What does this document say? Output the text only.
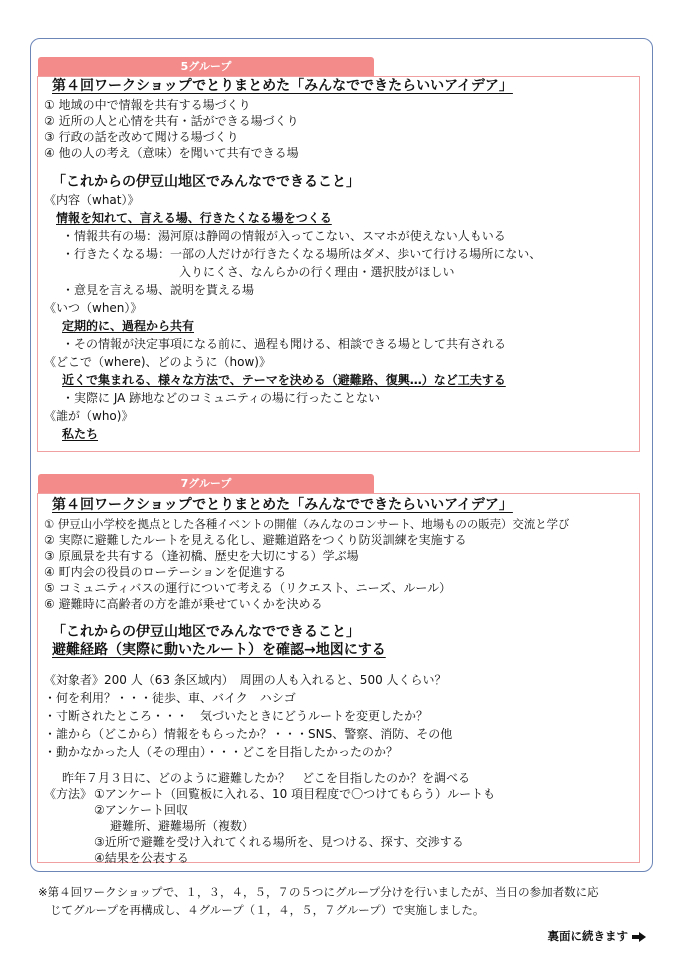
5グループ
第４回ワークショップでとりまとめた「みんなでできたらいいアイデア」
① 地域の中で情報を共有する場づくり
② 近所の人と心情を共有・話ができる場づくり
③ 行政の話を改めて聞ける場づくり
④ 他の人の考え（意味）を聞いて共有できる場
「これからの伊豆山地区でみんなでできること」
《内容（what）》
情報を知れて、言える場、行きたくなる場をつくる
・情報共有の場：湯河原は静岡の情報が入ってこない、スマホが使えない人もいる
・行きたくなる場：一部の人だけが行きたくなる場所はダメ、歩いて行ける場所にない、
入りにくさ、なんらかの行く理由・選択肢がほしい
・意見を言える場、説明を貰える場
《いつ（when）》
定期的に、過程から共有
・その情報が決定事項になる前に、過程も聞ける、相談できる場として共有される
《どこで（where)、どのように（how)》
近くで集まれる、様々な方法で、テーマを決める（避難路、復興…）など工夫する
・実際に JA 跡地などのコミュニティの場に行ったことない
《誰が（who)》
私たち
7グループ
第４回ワークショップでとりまとめた「みんなでできたらいいアイデア」
① 伊豆山小学校を拠点とした各種イベントの開催（みんなのコンサート、地場ものの販売）交流と学び
② 実際に避難したルートを見える化し、避難道路をつくり防災訓練を実施する
③ 原風景を共有する（逢初橋、歴史を大切にする）学ぶ場
④ 町内会の役員のローテーションを促進する
⑤ コミュニティバスの運行について考える（リクエスト、ニーズ、ルール）
⑥ 避難時に高齢者の方を誰が乗せていくかを決める
「これからの伊豆山地区でみんなでできること」
避難経路（実際に動いたルート）を確認→地図にする
《対象者》200 人（63 条区域内）　周囲の人も入れると、500 人くらい？
・何を利用？・・・徒歩、車、バイク　ハシゴ
・寸断されたところ・・・　気づいたときにどうルートを変更したか？
・誰から（どこから）情報をもらったか？・・・SNS、警察、消防、その他
・動かなかった人（その理由）・・・どこを目指したかったのか？
昨年７月３日に、どのように避難したか？　どこを目指したのか？を調べる
《方法》 ①アンケート（回覧板に入れる、10 項目程度で〇つけてもらう）ルートも
②アンケート回収
避難所、避難場所（複数）
③近所で避難を受け入れてくれる場所を、見つける、探す、交渉する
④結果を公表する
※第４回ワークショップで、１，３，４，５，７の５つにグループ分けを行いましたが、当日の参加者数に応
じてグループを再構成し、４グループ（１，４，５，７グループ）で実施しました。
裏面に続きます
